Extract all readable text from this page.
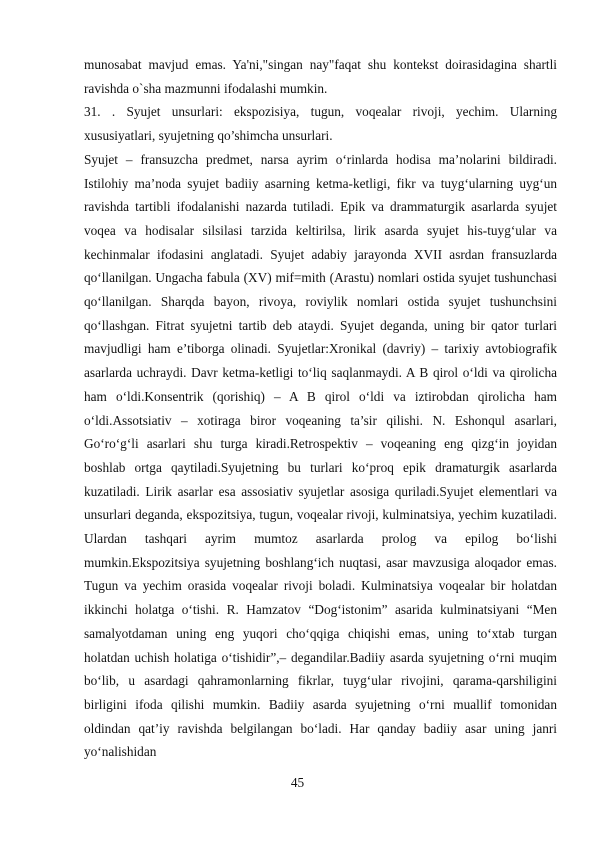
munosabat mavjud emas. Ya'ni,"singan nay"faqat shu kontekst doirasidagina shartli ravishda o`sha mazmunni ifodalashi mumkin.

31. . Syujet unsurlari: ekspozisiya, tugun, voqealar rivoji, yechim. Ularning xususiyatlari, syujetning qo’shimcha unsurlari.

Syujet – fransuzcha predmet, narsa ayrim o‘rinlarda hodisa ma’nolarini bildiradi. Istilohiy ma’noda syujet badiiy asarning ketma-ketligi, fikr va tuyg‘ularning uyg‘un ravishda tartibli ifodalanishi nazarda tutiladi. Epik va drammaturgik asarlarda syujet voqea va hodisalar silsilasi tarzida keltirilsa, lirik asarda syujet his-tuyg‘ular va kechinmalar ifodasini anglatadi. Syujet adabiy jarayonda XVII asrdan fransuzlarda qo‘llanilgan. Ungacha fabula (XV) mif=mith (Arastu) nomlari ostida syujet tushunchasi qo‘llanilgan. Sharqda bayon, rivoya, roviylik nomlari ostida syujet tushunchsini qo‘llashgan. Fitrat syujetni tartib deb ataydi. Syujet deganda, uning bir qator turlari mavjudligi ham e’tiborga olinadi. Syujetlar:Xronikal (davriy) – tarixiy avtobiografik asarlarda uchraydi. Davr ketma-ketligi to‘liq saqlanmaydi. A B qirol o‘ldi va qirolicha ham o‘ldi.Konsentrik (qorishiq) – A B qirol o‘ldi va iztirobdan qirolicha ham o‘ldi.Assotsiativ – xotiraga biror voqeaning ta’sir qilishi. N. Eshonqul asarlari, Go‘ro‘g‘li asarlari shu turga kiradi.Retrospektiv – voqeaning eng qizg‘in joyidan boshlab ortga qaytiladi.Syujetning bu turlari ko‘proq epik dramaturgik asarlarda kuzatiladi. Lirik asarlar esa assosiativ syujetlar asosiga quriladi.Syujet elementlari va unsurlari deganda, ekspozitsiya, tugun, voqealar rivoji, kulminatsiya, yechim kuzatiladi. Ulardan tashqari ayrim mumtoz asarlarda prolog va epilog bo‘lishi mumkin.Ekspozitsiya syujetning boshlang‘ich nuqtasi, asar mavzusiga aloqador emas. Tugun va yechim orasida voqealar rivoji boladi. Kulminatsiya voqealar bir holatdan ikkinchi holatga o‘tishi. R. Hamzatov “Dog‘istonim” asarida kulminatsiyani “Men samalyotdaman uning eng yuqori cho‘qqiga chiqishi emas, uning to‘xtab turgan holatdan uchish holatiga o‘tishidir”,– degandilar.Badiiy asarda syujetning o‘rni muqim bo‘lib, u asardagi qahramonlarning fikrlar, tuyg‘ular rivojini, qarama-qarshiligini birligini ifoda qilishi mumkin. Badiiy asarda syujetning o‘rni muallif tomonidan oldindan qat’iy ravishda belgilangan bo‘ladi. Har qanday badiiy asar uning janri yo‘nalishidan

45
